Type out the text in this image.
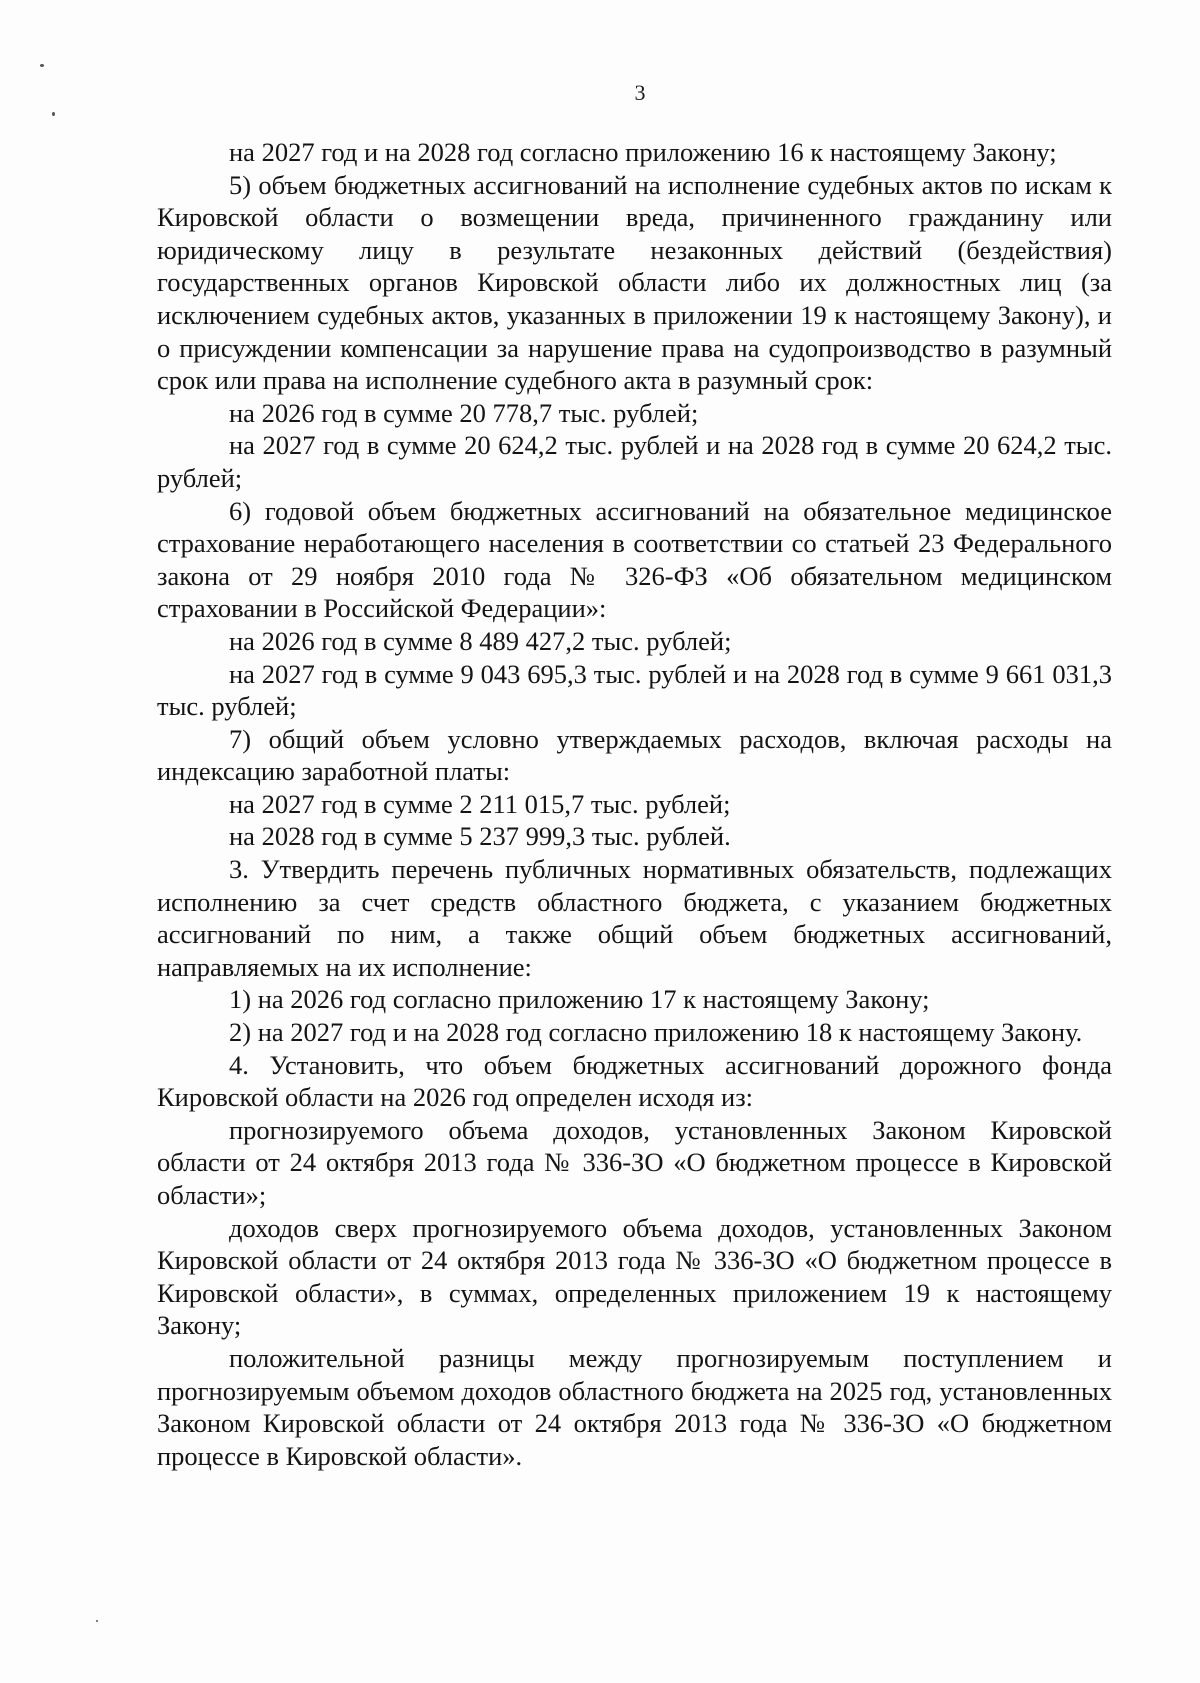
3

на 2027 год и на 2028 год согласно приложению 16 к настоящему Закону;

5) объем бюджетных ассигнований на исполнение судебных актов по искам к Кировской области о возмещении вреда, причиненного гражданину или юридическому лицу в результате незаконных действий (бездействия) государственных органов Кировской области либо их должностных лиц (за исключением судебных актов, указанных в приложении 19 к настоящему Закону), и о присуждении компенсации за нарушение права на судопроизводство в разумный срок или права на исполнение судебного акта в разумный срок:

на 2026 год в сумме 20 778,7 тыс. рублей;

на 2027 год в сумме 20 624,2 тыс. рублей и на 2028 год в сумме 20 624,2 тыс. рублей;

6) годовой объем бюджетных ассигнований на обязательное медицинское страхование неработающего населения в соответствии со статьей 23 Федерального закона от 29 ноября 2010 года № 326-ФЗ «Об обязательном медицинском страховании в Российской Федерации»:

на 2026 год в сумме 8 489 427,2 тыс. рублей;

на 2027 год в сумме 9 043 695,3 тыс. рублей и на 2028 год в сумме 9 661 031,3 тыс. рублей;

7) общий объем условно утверждаемых расходов, включая расходы на индексацию заработной платы:

на 2027 год в сумме 2 211 015,7 тыс. рублей;

на 2028 год в сумме 5 237 999,3 тыс. рублей.

3. Утвердить перечень публичных нормативных обязательств, подлежащих исполнению за счет средств областного бюджета, с указанием бюджетных ассигнований по ним, а также общий объем бюджетных ассигнований, направляемых на их исполнение:

1) на 2026 год согласно приложению 17 к настоящему Закону;

2) на 2027 год и на 2028 год согласно приложению 18 к настоящему Закону.

4. Установить, что объем бюджетных ассигнований дорожного фонда Кировской области на 2026 год определен исходя из:

прогнозируемого объема доходов, установленных Законом Кировской области от 24 октября 2013 года № 336-ЗО «О бюджетном процессе в Кировской области»;

доходов сверх прогнозируемого объема доходов, установленных Законом Кировской области от 24 октября 2013 года № 336-ЗО «О бюджетном процессе в Кировской области», в суммах, определенных приложением 19 к настоящему Закону;

положительной разницы между прогнозируемым поступлением и прогнозируемым объемом доходов областного бюджета на 2025 год, установленных Законом Кировской области от 24 октября 2013 года № 336-ЗО «О бюджетном процессе в Кировской области».
